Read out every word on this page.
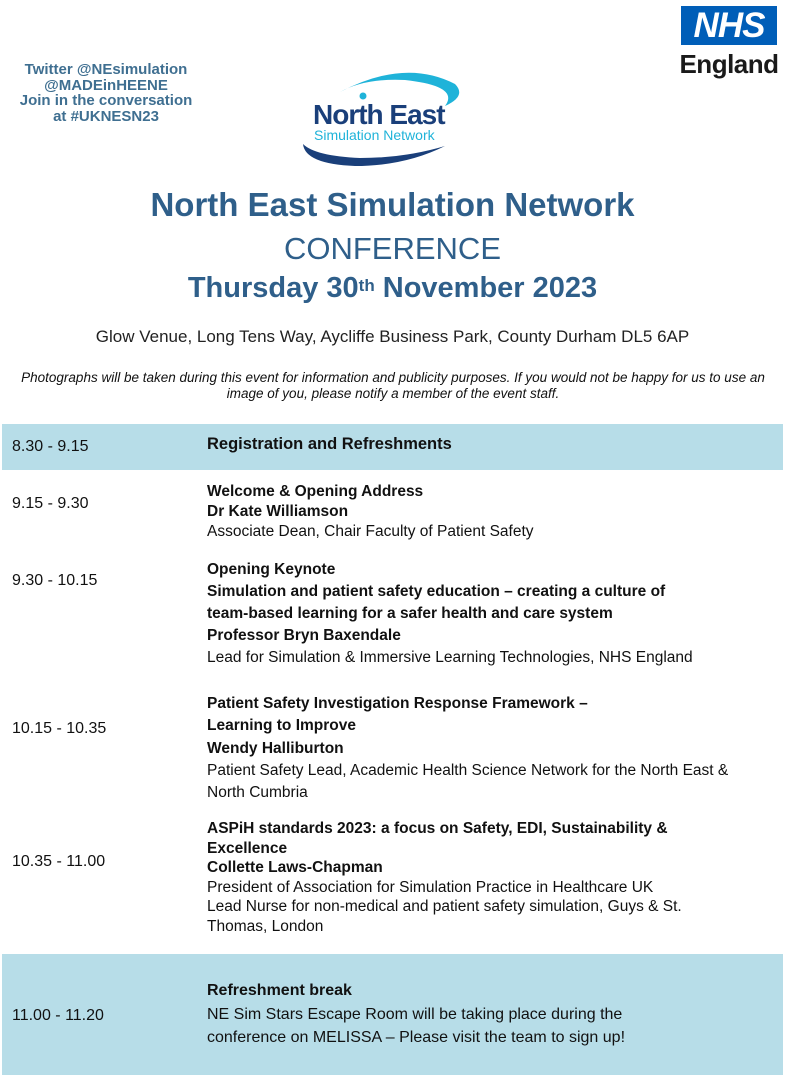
Twitter @NEsimulation
@MADEinHEENE
Join in the conversation
at #UKNESN23
NHS
England
North East
Simulation Network
North East Simulation Network
CONFERENCE
Thursday 30th November 2023
Glow Venue, Long Tens Way, Aycliffe Business Park, County Durham DL5 6AP
Photographs will be taken during this event for information and publicity purposes. If you would not be happy for us to use an image of you, please notify a member of the event staff.
8.30 - 9.15	Registration and Refreshments
9.15 - 9.30
Welcome & Opening Address
Dr Kate Williamson
Associate Dean, Chair Faculty of Patient Safety
9.30 - 10.15
Opening Keynote
Simulation and patient safety education – creating a culture of
team-based learning for a safer health and care system
Professor Bryn Baxendale
Lead for Simulation & Immersive Learning Technologies, NHS England
10.15 - 10.35
Patient Safety Investigation Response Framework –
Learning to Improve
Wendy Halliburton
Patient Safety Lead, Academic Health Science Network for the North East &
North Cumbria
10.35 - 11.00
ASPiH standards 2023: a focus on Safety, EDI, Sustainability &
Excellence
Collette Laws-Chapman
President of Association for Simulation Practice in Healthcare UK
Lead Nurse for non-medical and patient safety simulation, Guys & St.
Thomas, London
11.00 - 11.20
Refreshment break
NE Sim Stars Escape Room will be taking place during the
conference on MELISSA – Please visit the team to sign up!
